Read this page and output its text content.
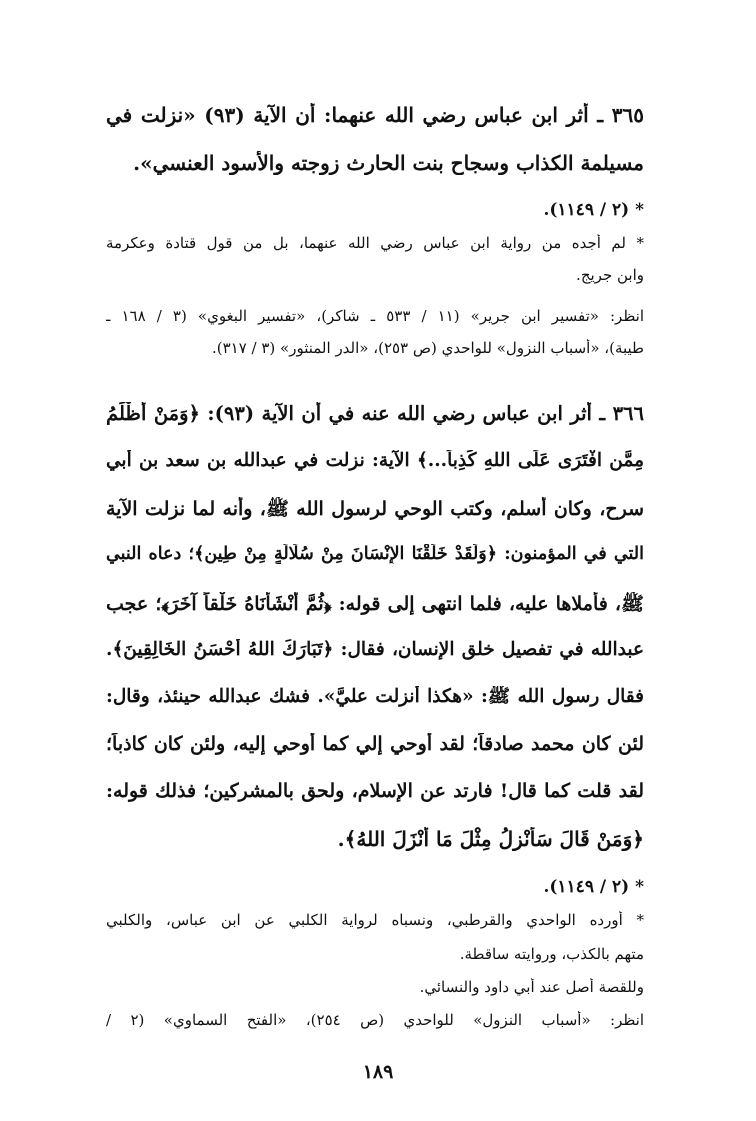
٣٦٥ ـ أثر ابن عباس رضي الله عنهما: أن الآية (٩٣) «نزلت في
مسيلمة الكذاب وسجاح بنت الحارث زوجته والأسود العنسي».
* (٢ / ١١٤٩).
* لم أجده من رواية ابن عباس رضي الله عنهما، بل من قول قتادة وعكرمة
وابن جريج.
انظر: «تفسير ابن جرير» (١١ / ٥٣٣ ـ شاكر)، «تفسير البغوي» (٣ / ١٦٨ ـ
طيبة)، «أسباب النزول» للواحدي (ص ٢٥٣)، «الدر المنثور» (٣ / ٣١٧).
٣٦٦ ـ أثر ابن عباس رضي الله عنه في أن الآية (٩٣): ﴿وَمَنْ أَظْلَمُ
مِمَّنِ افْتَرَى عَلَى اللهِ كَذِباً...﴾ الآية: نزلت في عبدالله بن سعد بن أبي
سرح، وكان أسلم، وكتب الوحي لرسول الله ﷺ، وأنه لما نزلت الآية
التي في المؤمنون: ﴿وَلَقَدْ خَلَقْنَا الإِنْسَانَ مِنْ سُلَالَةٍ مِنْ طِينٍ﴾؛ دعاه النبي
ﷺ، فأملاها عليه، فلما انتهى إلى قوله: ﴿ثُمَّ أَنْشَأْنَاهُ خَلْقاً آخَرَ﴾؛ عجب
عبدالله في تفصيل خلق الإنسان، فقال: ﴿تَبَارَكَ اللهُ أَحْسَنُ الخَالِقِينَ﴾.
فقال رسول الله ﷺ: «هكذا أنزلت عليَّ». فشك عبدالله حينئذ، وقال:
لئن كان محمد صادقاً؛ لقد أوحي إلي كما أوحي إليه، ولئن كان كاذباً؛
لقد قلت كما قال! فارتد عن الإسلام، ولحق بالمشركين؛ فذلك قوله:
﴿وَمَنْ قَالَ سَأُنْزِلُ مِثْلَ مَا أَنْزَلَ اللهُ﴾.
* (٢ / ١١٤٩).
* أورده الواحدي والقرطبي، ونسباه لرواية الكلبي عن ابن عباس، والكلبي
متهم بالكذب، وروايته ساقطة.
وللقصة أصل عند أبي داود والنسائي.
انظر: «أسباب النزول» للواحدي (ص ٢٥٤)، «الفتح السماوي» (٢ /
١٨٩
